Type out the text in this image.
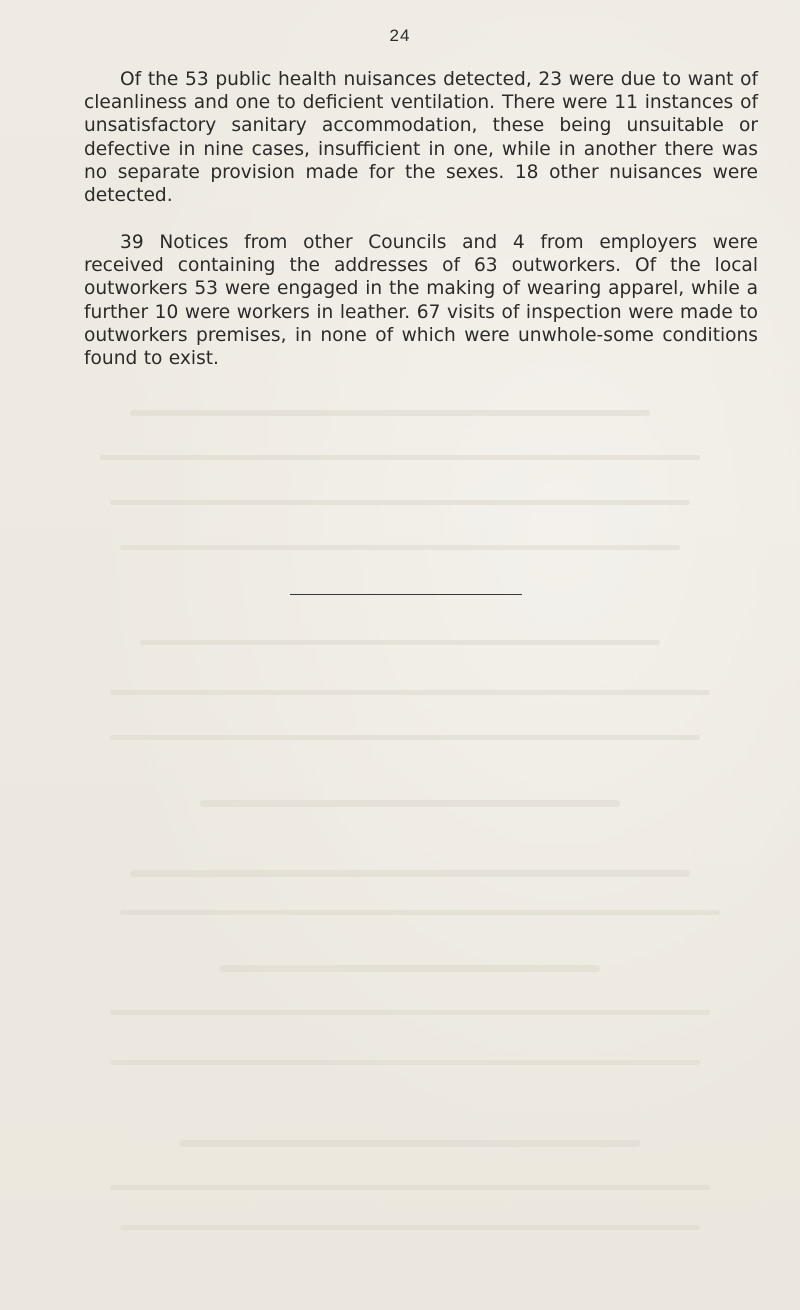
24

Of the 53 public health nuisances detected, 23 were due to want of cleanliness and one to deficient ventilation. There were 11 instances of unsatisfactory sanitary accommodation, these being unsuitable or defective in nine cases, insufficient in one, while in another there was no separate provision made for the sexes. 18 other nuisances were detected.

39 Notices from other Councils and 4 from employers were received containing the addresses of 63 outworkers. Of the local outworkers 53 were engaged in the making of wearing apparel, while a further 10 were workers in leather. 67 visits of inspection were made to outworkers premises, in none of which were unwhole-some conditions found to exist.
